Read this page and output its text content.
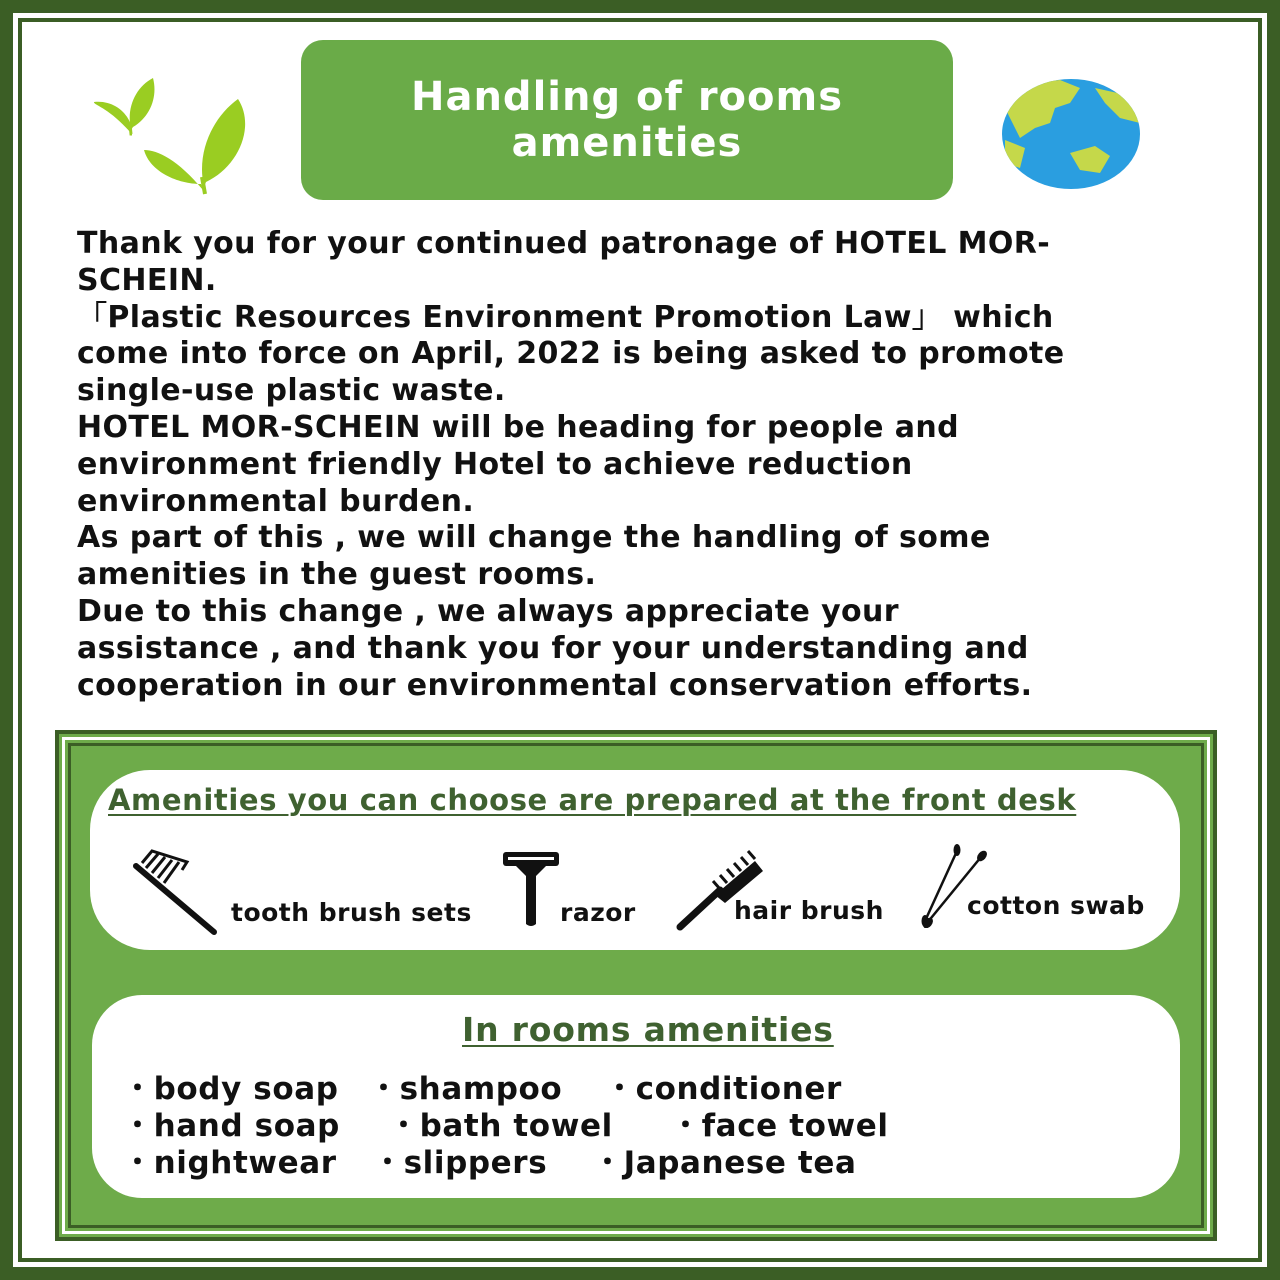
Handling of rooms
amenities
Thank you for your continued patronage of HOTEL MOR-
SCHEIN.
「Plastic Resources Environment Promotion Law」 which
come into force on April, 2022 is being asked to promote
single-use plastic waste.
HOTEL MOR-SCHEIN will be heading for people and
environment friendly Hotel to achieve reduction
environmental burden.
As part of this , we will change the handling of some
amenities in the guest rooms.
Due to this change , we always appreciate your
assistance , and thank you for your understanding and
cooperation in our environmental conservation efforts.
Amenities you can choose are prepared at the front desk
tooth brush sets	razor	hair brush	cotton swab
In rooms amenities
・body soap ・shampoo ・conditioner
・hand soap ・bath towel ・face towel
・nightwear ・slippers ・Japanese tea
